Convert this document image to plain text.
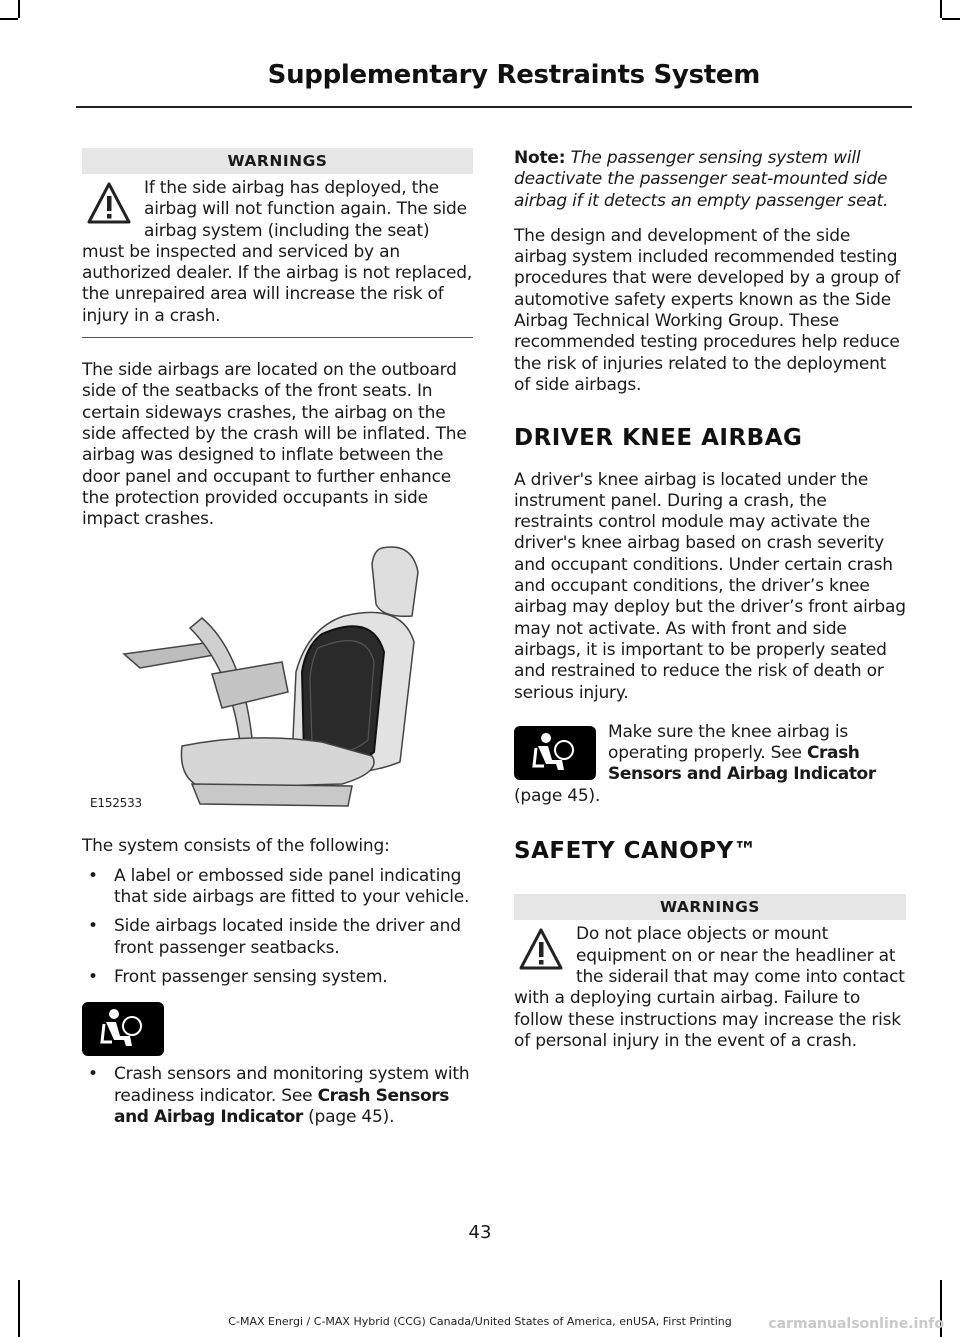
Supplementary Restraints System
WARNINGS

If the side airbag has deployed, the airbag will not function again. The side airbag system (including the seat) must be inspected and serviced by an authorized dealer. If the airbag is not replaced, the unrepaired area will increase the risk of injury in a crash.

The side airbags are located on the outboard side of the seatbacks of the front seats. In certain sideways crashes, the airbag on the side affected by the crash will be inflated. The airbag was designed to inflate between the door panel and occupant to further enhance the protection provided occupants in side impact crashes.

E152533

The system consists of the following:

• A label or embossed side panel indicating that side airbags are fitted to your vehicle.
• Side airbags located inside the driver and front passenger seatbacks.
• Front passenger sensing system.
• Crash sensors and monitoring system with readiness indicator. See Crash Sensors and Airbag Indicator (page 45).

Note: The passenger sensing system will deactivate the passenger seat-mounted side airbag if it detects an empty passenger seat.

The design and development of the side airbag system included recommended testing procedures that were developed by a group of automotive safety experts known as the Side Airbag Technical Working Group. These recommended testing procedures help reduce the risk of injuries related to the deployment of side airbags.

DRIVER KNEE AIRBAG

A driver's knee airbag is located under the instrument panel. During a crash, the restraints control module may activate the driver's knee airbag based on crash severity and occupant conditions. Under certain crash and occupant conditions, the driver’s knee airbag may deploy but the driver’s front airbag may not activate. As with front and side airbags, it is important to be properly seated and restrained to reduce the risk of death or serious injury.

Make sure the knee airbag is operating properly. See Crash Sensors and Airbag Indicator (page 45).

SAFETY CANOPY™
WARNINGS

Do not place objects or mount equipment on or near the headliner at the siderail that may come into contact with a deploying curtain airbag. Failure to follow these instructions may increase the risk of personal injury in the event of a crash.

43
C-MAX Energi / C-MAX Hybrid (CCG) Canada/United States of America, enUSA, First Printing	carmanualsonline.info
